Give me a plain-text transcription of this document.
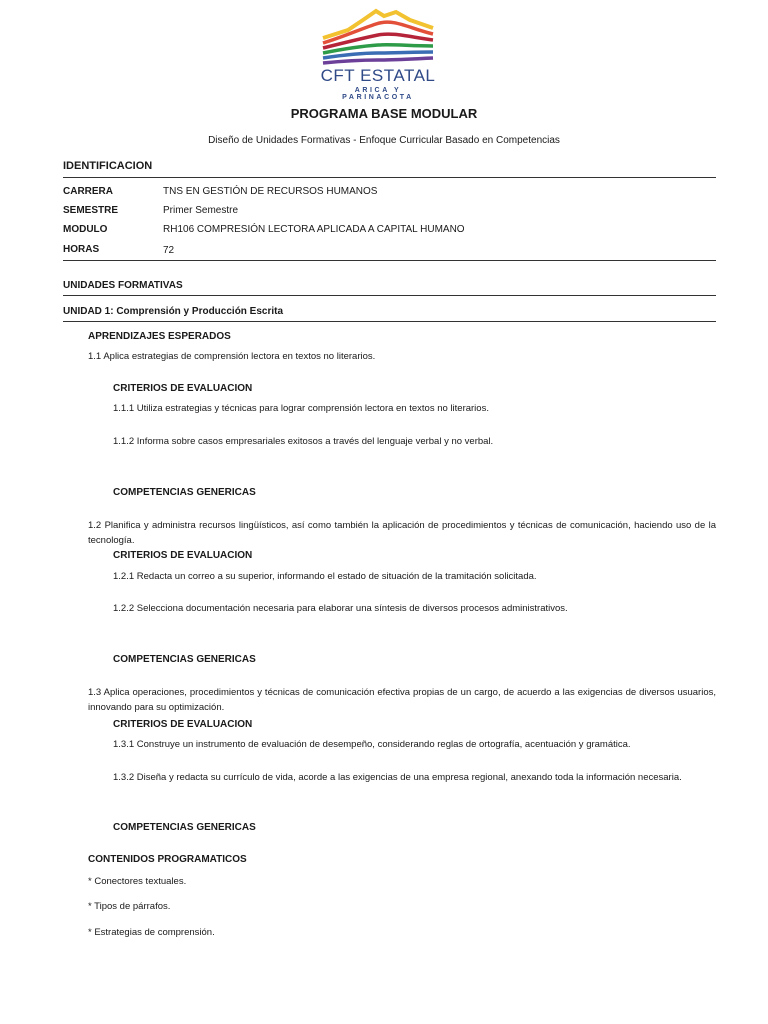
CFT ESTATAL
ARICA Y PARINACOTA
PROGRAMA BASE MODULAR
Diseño de Unidades Formativas - Enfoque Curricular Basado en Competencias
IDENTIFICACION
CARRERA	TNS EN GESTIÓN DE RECURSOS HUMANOS
SEMESTRE	Primer Semestre
MODULO	RH106 COMPRESIÓN LECTORA APLICADA A CAPITAL HUMANO
HORAS	72
UNIDADES FORMATIVAS
UNIDAD 1: Comprensión y Producción Escrita
APRENDIZAJES ESPERADOS
1.1 Aplica estrategias de comprensión lectora en textos no literarios.
CRITERIOS DE EVALUACION
1.1.1 Utiliza estrategias y técnicas para lograr comprensión lectora en textos no literarios.
1.1.2 Informa sobre casos empresariales exitosos a través del lenguaje verbal y no verbal.
COMPETENCIAS GENERICAS
1.2 Planifica y administra recursos lingüísticos, así como también la aplicación de procedimientos y técnicas de comunicación, haciendo uso de la tecnología.
CRITERIOS DE EVALUACION
1.2.1 Redacta un correo a su superior, informando el estado de situación de la tramitación solicitada.
1.2.2 Selecciona documentación necesaria para elaborar una síntesis de diversos procesos administrativos.
COMPETENCIAS GENERICAS
1.3 Aplica operaciones, procedimientos y técnicas de comunicación efectiva propias de un cargo, de acuerdo a las exigencias de diversos usuarios, innovando para su optimización.
CRITERIOS DE EVALUACION
1.3.1 Construye un instrumento de evaluación de desempeño, considerando reglas de ortografía, acentuación y gramática.
1.3.2 Diseña y redacta su currículo de vida, acorde a las exigencias de una empresa regional, anexando toda la información necesaria.
COMPETENCIAS GENERICAS
CONTENIDOS PROGRAMATICOS
* Conectores textuales.
* Tipos de párrafos.
* Estrategias de comprensión.
